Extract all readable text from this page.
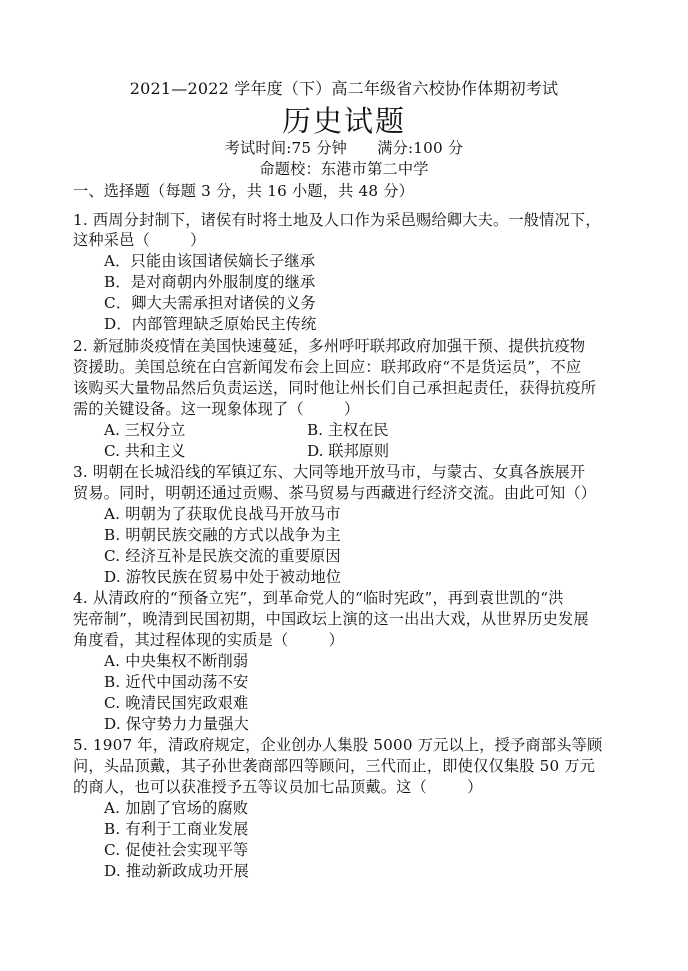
2021—2022 学年度（下）高二年级省六校协作体期初考试
历史试题
考试时间:75 分钟      满分:100 分
命题校：东港市第二中学
一、选择题（每题 3 分，共 16 小题，共 48 分）
1. 西周分封制下，诸侯有时将土地及人口作为采邑赐给卿大夫。一般情况下，
这种采邑（        ）
A．只能由该国诸侯嫡长子继承
B．是对商朝内外服制度的继承
C．卿大夫需承担对诸侯的义务
D．内部管理缺乏原始民主传统
2. 新冠肺炎疫情在美国快速蔓延，多州呼吁联邦政府加强干预、提供抗疫物
资援助。美国总统在白宫新闻发布会上回应：联邦政府“不是货运员”，不应
该购买大量物品然后负责运送，同时他让州长们自己承担起责任，获得抗疫所
需的关键设备。这一现象体现了（        ）
A. 三权分立	B. 主权在民
C. 共和主义	D. 联邦原则
3. 明朝在长城沿线的军镇辽东、大同等地开放马市，与蒙古、女真各族展开
贸易。同时，明朝还通过贡赐、茶马贸易与西藏进行经济交流。由此可知（）
A. 明朝为了获取优良战马开放马市
B. 明朝民族交融的方式以战争为主
C. 经济互补是民族交流的重要原因
D. 游牧民族在贸易中处于被动地位
4. 从清政府的“预备立宪”，到革命党人的“临时宪政”，再到袁世凯的“洪
宪帝制”，晚清到民国初期，中国政坛上演的这一出出大戏，从世界历史发展
角度看，其过程体现的实质是（        ）
A. 中央集权不断削弱
B. 近代中国动荡不安
C. 晚清民国宪政艰难
D. 保守势力力量强大
5. 1907 年，清政府规定，企业创办人集股 5000 万元以上，授予商部头等顾
问，头品顶戴，其子孙世袭商部四等顾问，三代而止，即使仅仅集股 50 万元
的商人，也可以获准授予五等议员加七品顶戴。这（        ）
A. 加剧了官场的腐败
B. 有利于工商业发展
C. 促使社会实现平等
D. 推动新政成功开展
